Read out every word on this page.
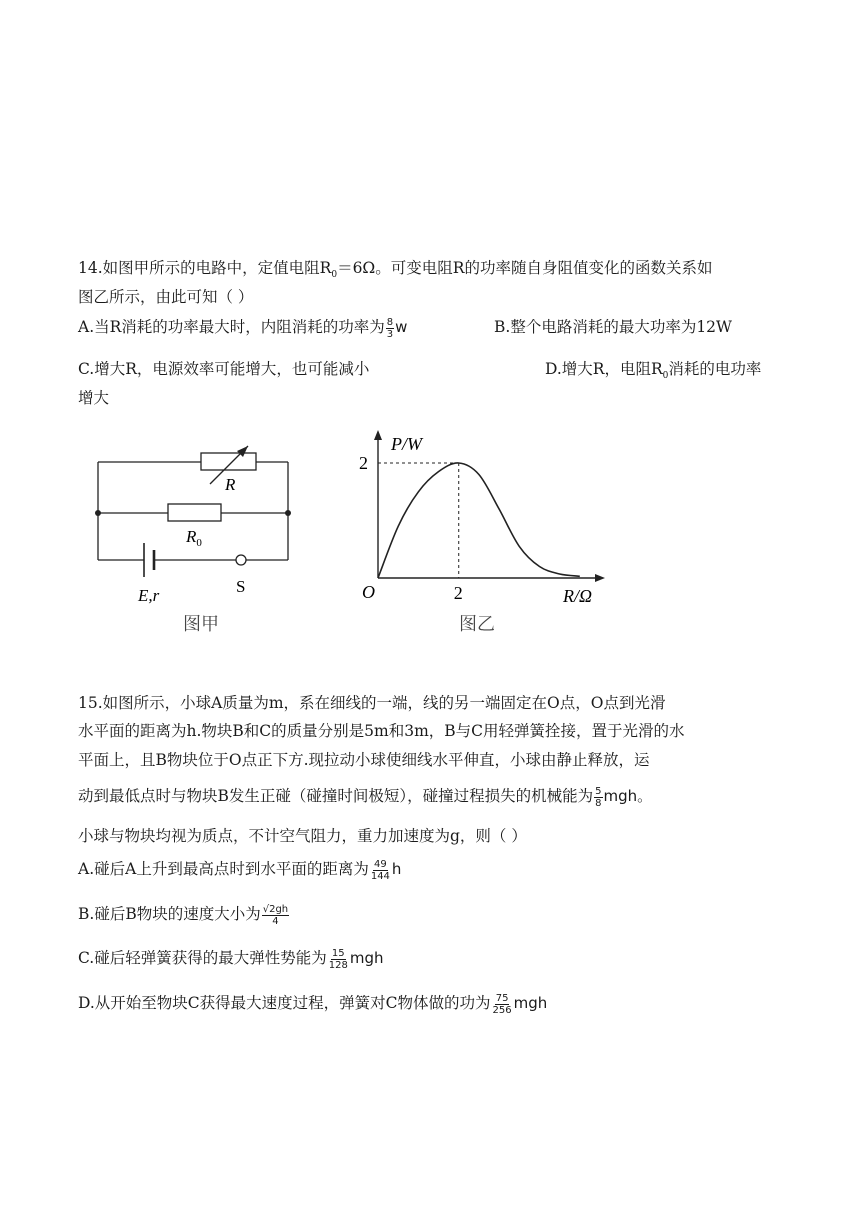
14.如图甲所示的电路中，定值电阻$R_0=6\Omega$。可变电阻R的功率随自身阻值变化的函数关系如
图乙所示，由此可知（ ）
A.当R消耗的功率最大时，内阻消耗的功率为 $\frac{8}{3}$ w	B.整个电路消耗的最大功率为12W
C.增大R，电源效率可能增大，也可能减小	D.增大R，电阻$R_0$消耗的电功率
增大
R
$R_0$
E,r	S
图甲
P/W
R/Ω
O
2
2
图乙
15.如图所示，小球A质量为m，系在细线的一端，线的另一端固定在O点，O点到光滑
水平面的距离为h.物块B和C的质量分别是5m和3m，B与C用轻弹簧拴接，置于光滑的水
平面上，且B物块位于O点正下方.现拉动小球使细线水平伸直，小球由静止释放，运
动到最低点时与物块B发生正碰（碰撞时间极短），碰撞过程损失的机械能为 $\frac{5}{8}$ mgh。
小球与物块均视为质点，不计空气阻力，重力加速度为g，则（ ）
A.碰后A上升到最高点时到水平面的距离为 $\frac{49}{144}$ h
B.碰后B物块的速度大小为 $\frac{√2gh}{4}$
C.碰后轻弹簧获得的最大弹性势能为 $\frac{15}{128}$ mgh
D.从开始至物块C获得最大速度过程，弹簧对C物体做的功为 $\frac{75}{256}$ mgh
